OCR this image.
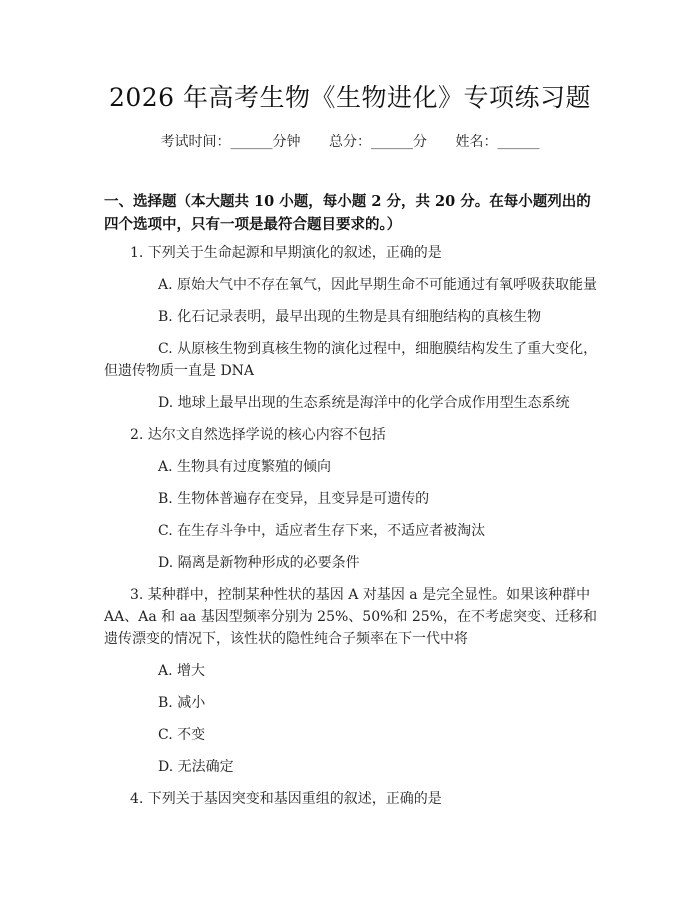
2026 年高考生物《生物进化》专项练习题
考试时间：______分钟 总分：______分 姓名：______
一、选择题（本大题共 10 小题，每小题 2 分，共 20 分。在每小题列出的四个选项中，只有一项是最符合题目要求的。）
1. 下列关于生命起源和早期演化的叙述，正确的是
A. 原始大气中不存在氧气，因此早期生命不可能通过有氧呼吸获取能量
B. 化石记录表明，最早出现的生物是具有细胞结构的真核生物
C. 从原核生物到真核生物的演化过程中，细胞膜结构发生了重大变化，但遗传物质一直是 DNA
D. 地球上最早出现的生态系统是海洋中的化学合成作用型生态系统
2. 达尔文自然选择学说的核心内容不包括
A. 生物具有过度繁殖的倾向
B. 生物体普遍存在变异，且变异是可遗传的
C. 在生存斗争中，适应者生存下来，不适应者被淘汰
D. 隔离是新物种形成的必要条件
3. 某种群中，控制某种性状的基因 A 对基因 a 是完全显性。如果该种群中 AA、Aa 和 aa 基因型频率分别为 25%、50%和 25%，在不考虑突变、迁移和遗传漂变的情况下，该性状的隐性纯合子频率在下一代中将
A. 增大
B. 减小
C. 不变
D. 无法确定
4. 下列关于基因突变和基因重组的叙述，正确的是
